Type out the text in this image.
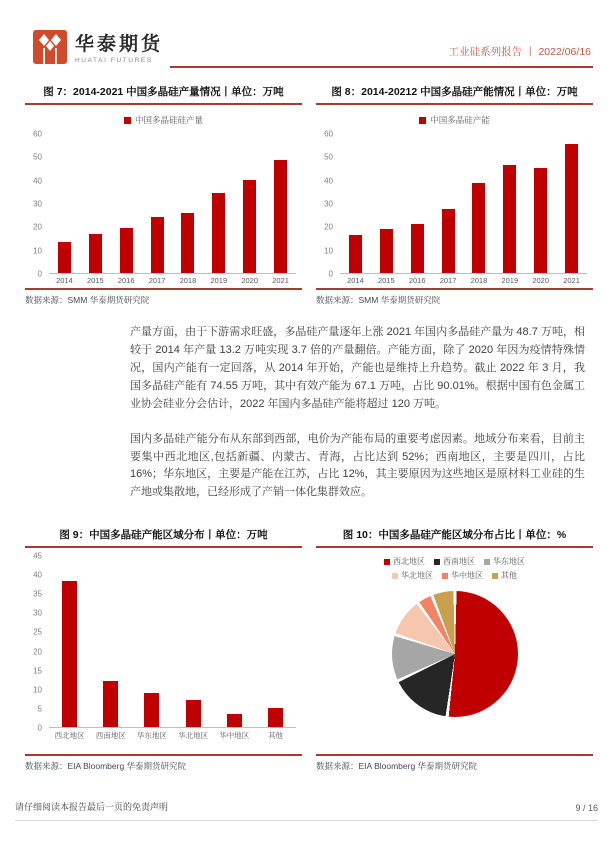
华泰期货
HUATAI FUTURES
工业硅系列报告 丨 2022/06/16
图 7：2014-2021 中国多晶硅产量情况丨单位：万吨
中国多晶硅硅产量
0
10
20
30
40
50
60
2014	2015	2016	2017	2018	2019	2020	2021
数据来源：SMM 华泰期货研究院
图 8：2014-20212 中国多晶硅产能情况丨单位：万吨
中国多晶硅产能
0
10
20
30
40
50
60
2014	2015	2016	2017	2018	2019	2020	2021
数据来源：SMM 华泰期货研究院

产量方面，由于下游需求旺盛，多晶硅产量逐年上涨 2021 年国内多晶硅产量为 48.7 万吨，相较于 2014 年产量 13.2 万吨实现 3.7 倍的产量翻倍。产能方面，除了 2020 年因为疫情特殊情况，国内产能有一定回落，从 2014 年开始，产能也是维持上升趋势。截止 2022 年 3 月，我国多晶硅产能有 74.55 万吨，其中有效产能为 67.1 万吨，占比 90.01%。根据中国有色金属工业协会硅业分会估计，2022 年国内多晶硅产能将超过 120 万吨。

国内多晶硅产能分布从东部到西部，电价为产能布局的重要考虑因素。地域分布来看，目前主要集中西北地区,包括新疆、内蒙古、青海，占比达到 52%；西南地区，主要是四川，占比 16%；华东地区，主要是产能在江苏，占比 12%，其主要原因为这些地区是原材料工业硅的生产地或集散地，已经形成了产销一体化集群效应。

图 9：中国多晶硅产能区域分布丨单位：万吨
0
5
10
15
20
25
30
35
40
45
西北地区	西南地区	华东地区	华北地区	华中地区	其他
数据来源：EIA Bloomberg 华泰期货研究院
图 10：中国多晶硅产能区域分布占比丨单位：%
西北地区 西南地区 华东地区
华北地区 华中地区 其他
数据来源：EIA Bloomberg 华泰期货研究院
请仔细阅读本报告最后一页的免责声明	9 / 16
